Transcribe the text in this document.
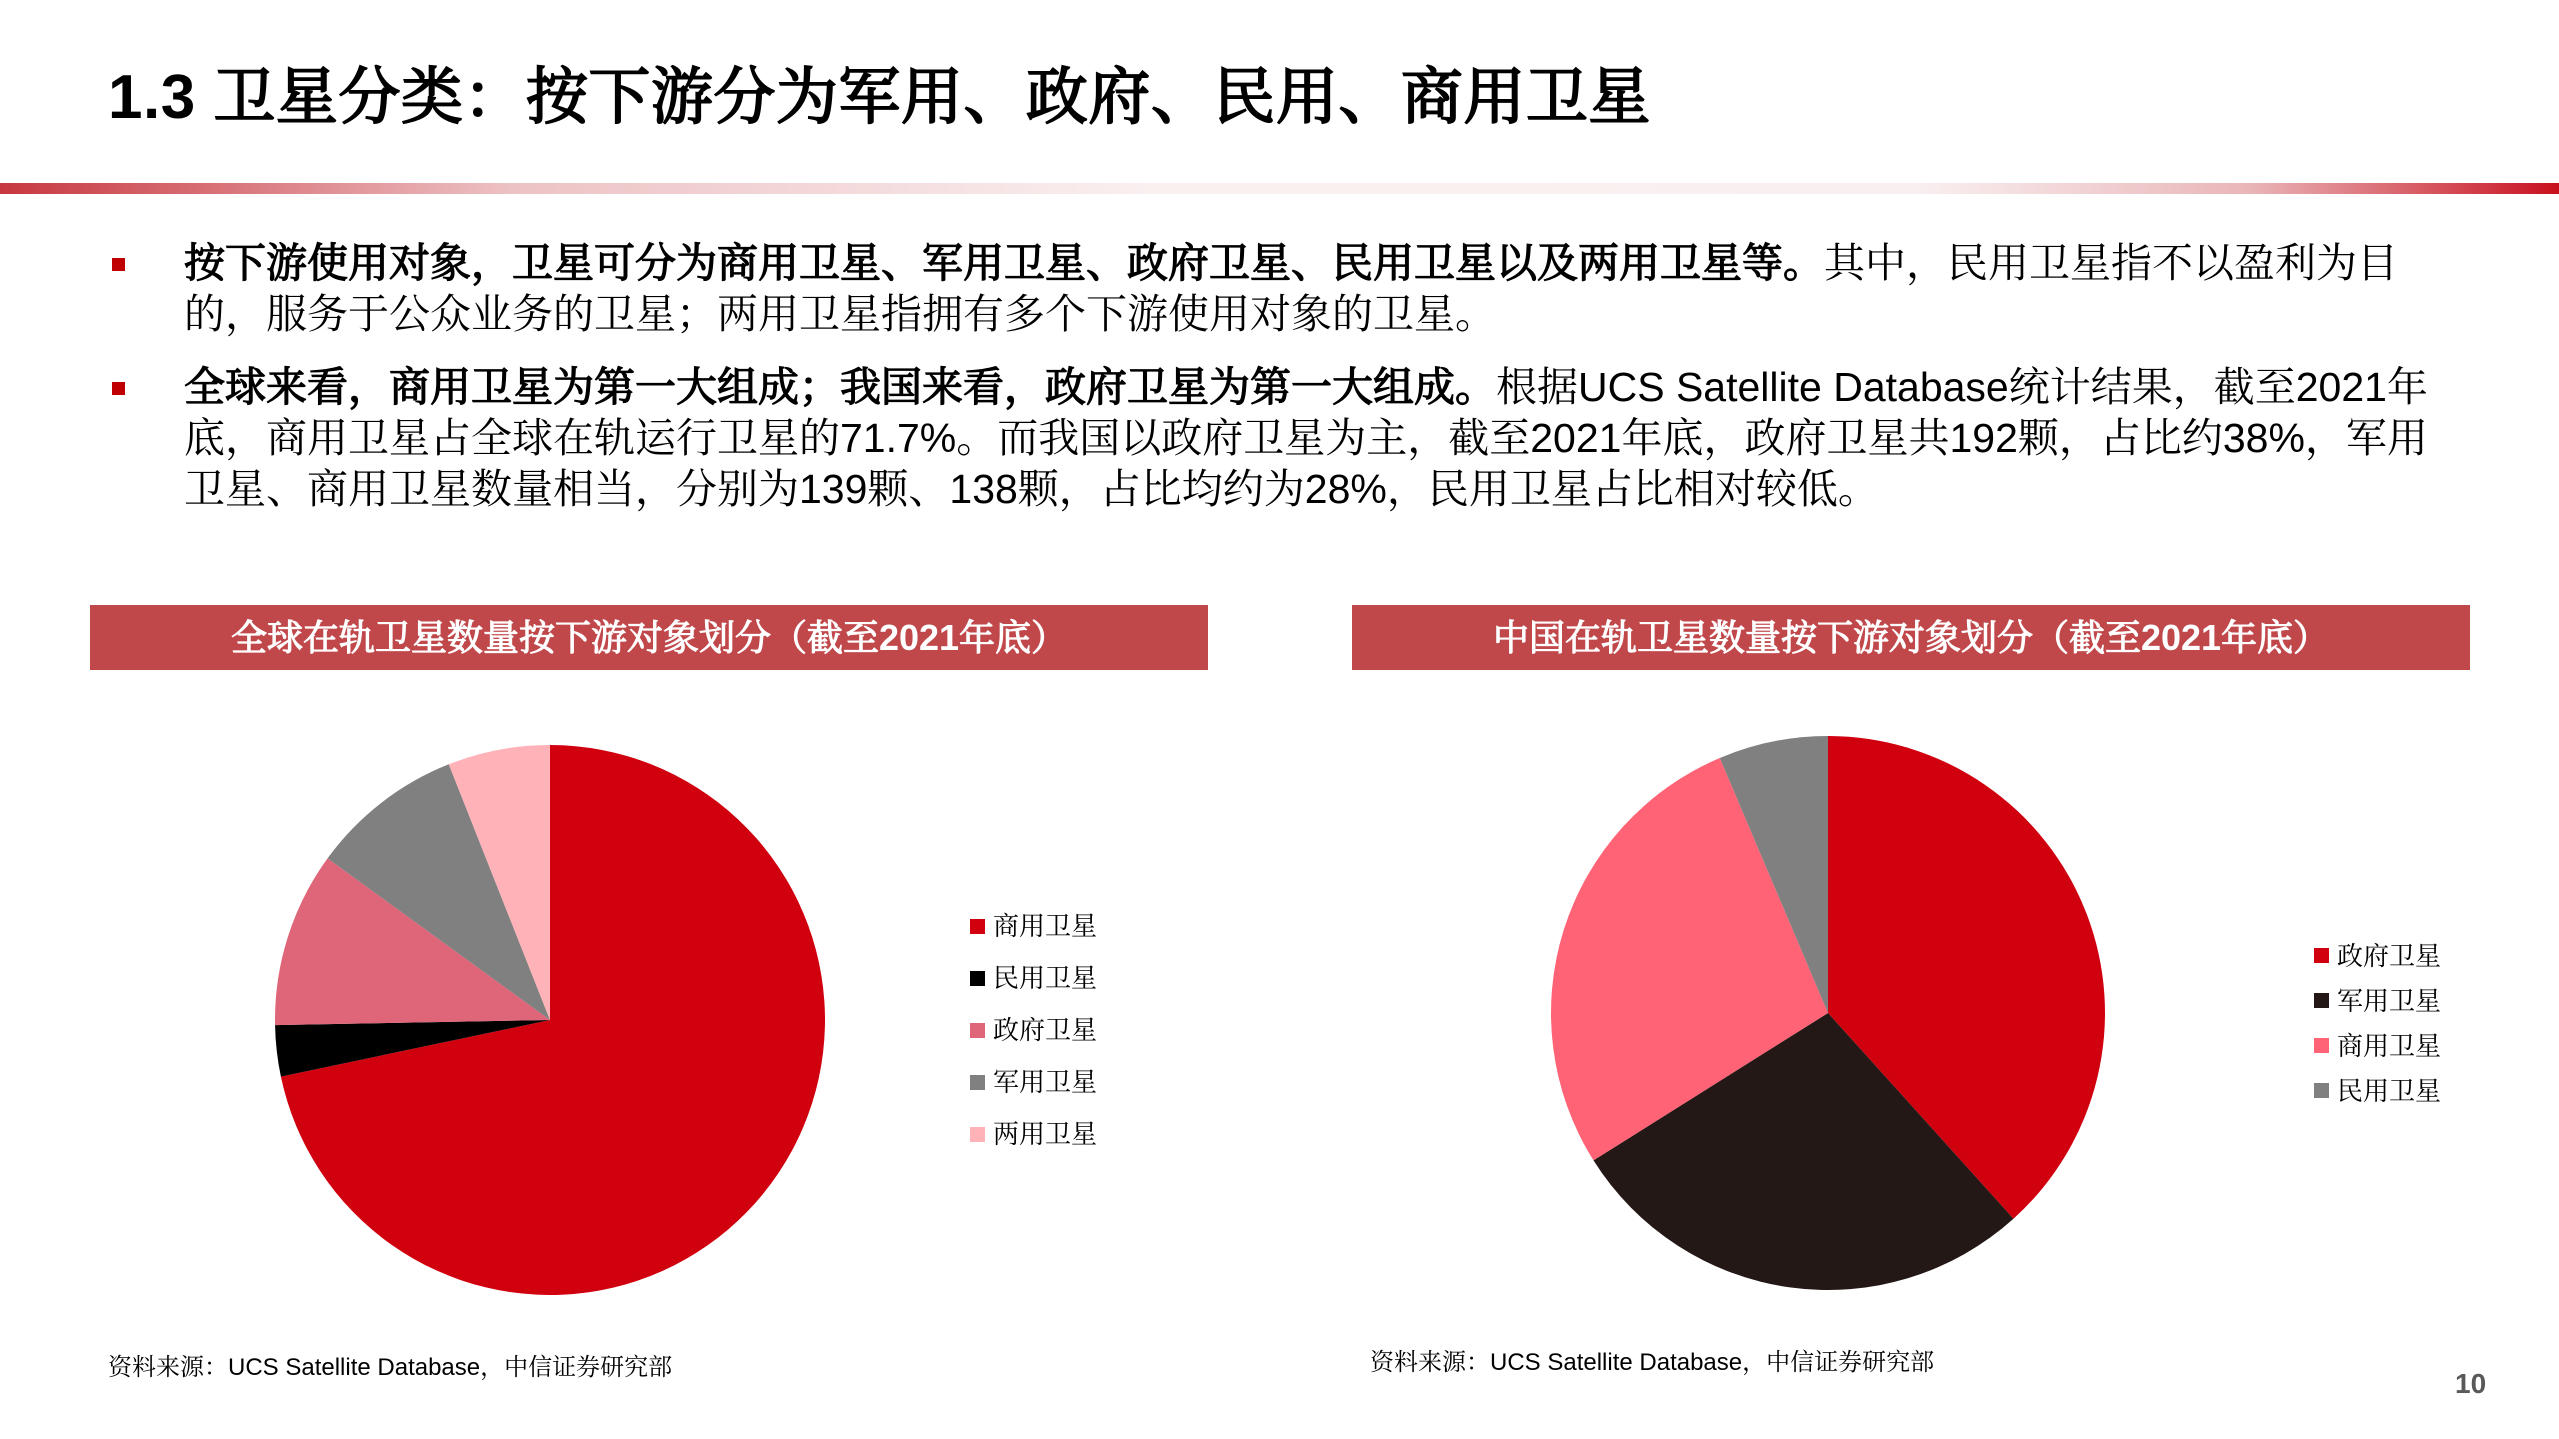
1.3 卫星分类：按下游分为军用、政府、民用、商用卫星
按下游使用对象，卫星可分为商用卫星、军用卫星、政府卫星、民用卫星以及两用卫星等。其中，民用卫星指不以盈利为目的，服务于公众业务的卫星；两用卫星指拥有多个下游使用对象的卫星。
全球来看，商用卫星为第一大组成；我国来看，政府卫星为第一大组成。根据UCS Satellite Database统计结果，截至2021年底，商用卫星占全球在轨运行卫星的71.7%。而我国以政府卫星为主，截至2021年底，政府卫星共192颗，占比约38%，军用卫星、商用卫星数量相当，分别为139颗、138颗，占比均约为28%，民用卫星占比相对较低。
全球在轨卫星数量按下游对象划分（截至2021年底）
商用卫星
民用卫星
政府卫星
军用卫星
两用卫星
资料来源：UCS Satellite Database，中信证券研究部
中国在轨卫星数量按下游对象划分（截至2021年底）
政府卫星
军用卫星
商用卫星
民用卫星
资料来源：UCS Satellite Database，中信证券研究部
10
